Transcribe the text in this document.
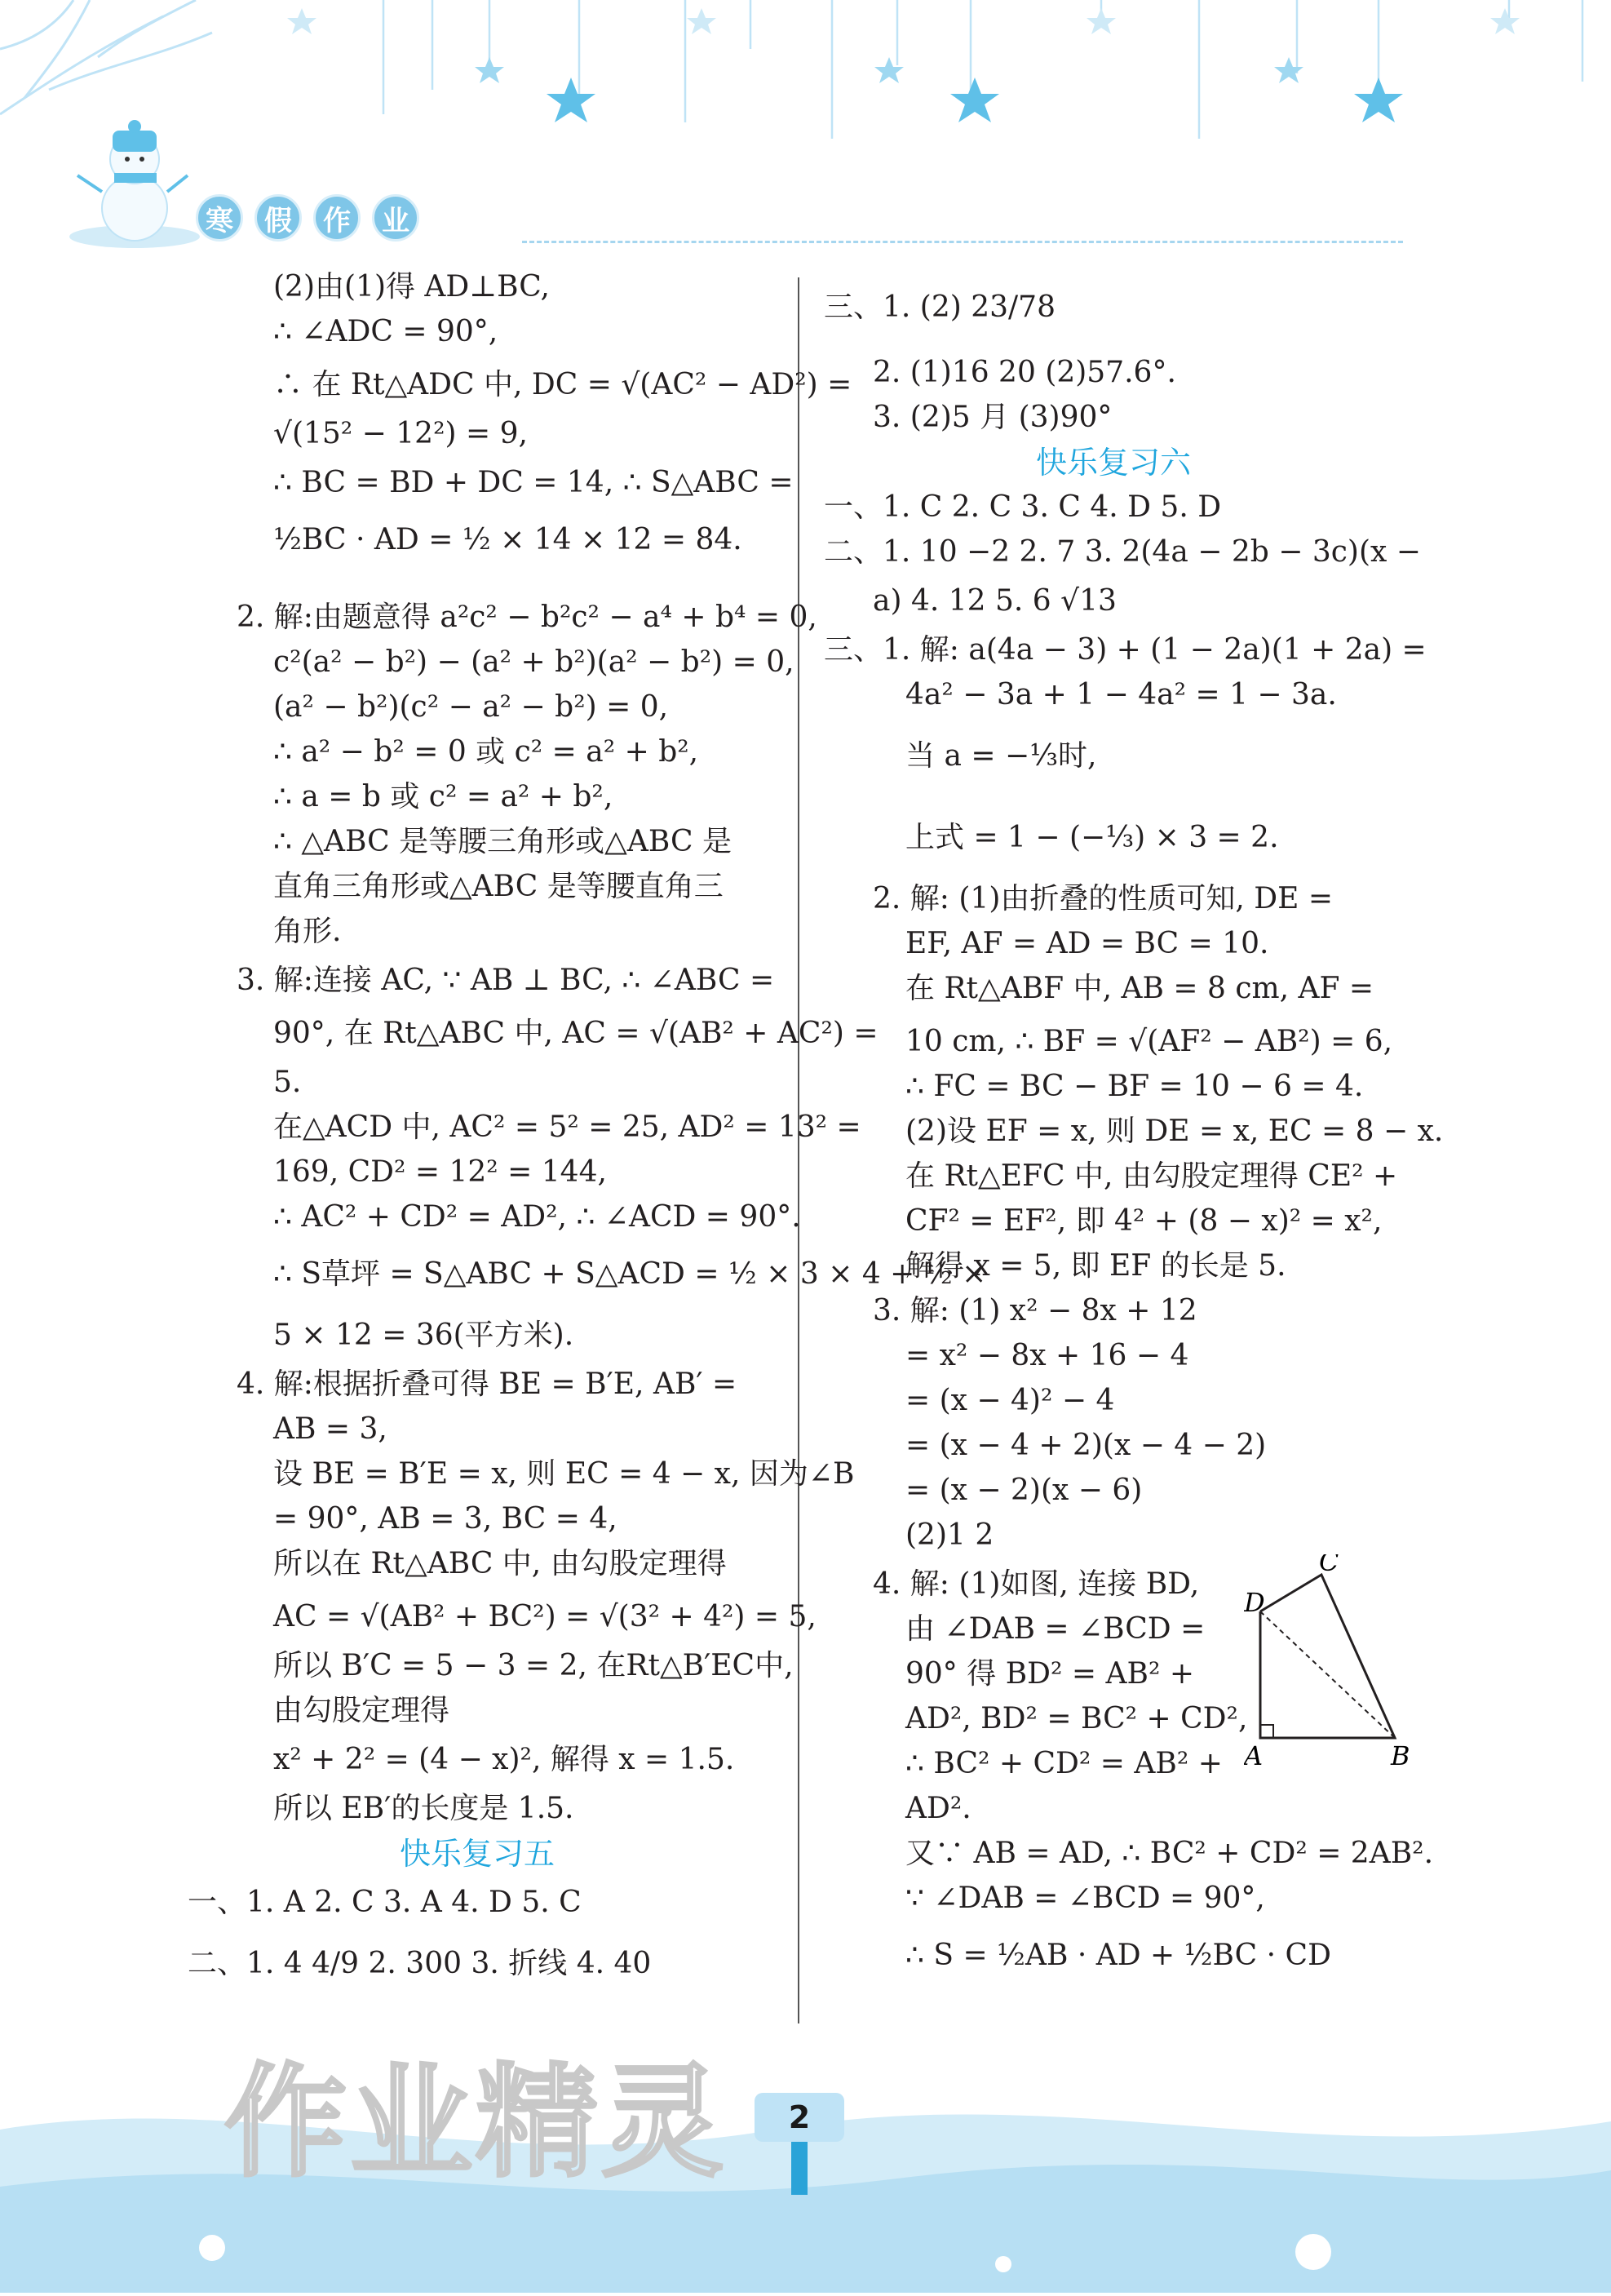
寒	假	作	业
(2)由(1)得 AD⊥BC,
∴ ∠ADC = 90°,
∴ 在 Rt△ADC 中, DC = √(AC² − AD²) =
√(15² − 12²) = 9,
∴ BC = BD + DC = 14, ∴ S△ABC =
½BC · AD = ½ × 14 × 12 = 84.
2. 解:由题意得 a²c² − b²c² − a⁴ + b⁴ = 0,
c²(a² − b²) − (a² + b²)(a² − b²) = 0,
(a² − b²)(c² − a² − b²) = 0,
∴ a² − b² = 0 或 c² = a² + b²,
∴ a = b 或 c² = a² + b²,
∴ △ABC 是等腰三角形或△ABC 是
直角三角形或△ABC 是等腰直角三
角形.
3. 解:连接 AC, ∵ AB ⊥ BC, ∴ ∠ABC =
90°, 在 Rt△ABC 中, AC = √(AB² + AC²) =
5.
在△ACD 中, AC² = 5² = 25, AD² = 13² =
169, CD² = 12² = 144,
∴ AC² + CD² = AD², ∴ ∠ACD = 90°.
∴ S草坪 = S△ABC + S△ACD = ½ × 3 × 4 + ½ ×
5 × 12 = 36(平方米).
4. 解:根据折叠可得 BE = B′E, AB′ =
AB = 3,
设 BE = B′E = x, 则 EC = 4 − x, 因为∠B
= 90°, AB = 3, BC = 4,
所以在 Rt△ABC 中, 由勾股定理得
AC = √(AB² + BC²) = √(3² + 4²) = 5,
所以 B′C = 5 − 3 = 2, 在Rt△B′EC中,
由勾股定理得
x² + 2² = (4 − x)², 解得 x = 1.5.
所以 EB′的长度是 1.5.
快乐复习五
一、1. A 2. C 3. A 4. D 5. C
二、1. 4 4/9 2. 300 3. 折线 4. 40
三、1. (2) 23/78
2. (1)16 20 (2)57.6°.
3. (2)5 月 (3)90°
快乐复习六
一、1. C 2. C 3. C 4. D 5. D
二、1. 10 −2 2. 7 3. 2(4a − 2b − 3c)(x −
a) 4. 12 5. 6 √13
三、1. 解: a(4a − 3) + (1 − 2a)(1 + 2a) =
4a² − 3a + 1 − 4a² = 1 − 3a.
当 a = −⅓时,
上式 = 1 − (−⅓) × 3 = 2.
2. 解: (1)由折叠的性质可知, DE =
EF, AF = AD = BC = 10.
在 Rt△ABF 中, AB = 8 cm, AF =
10 cm, ∴ BF = √(AF² − AB²) = 6,
∴ FC = BC − BF = 10 − 6 = 4.
(2)设 EF = x, 则 DE = x, EC = 8 − x.
在 Rt△EFC 中, 由勾股定理得 CE² +
CF² = EF², 即 4² + (8 − x)² = x²,
解得 x = 5, 即 EF 的长是 5.
3. 解: (1) x² − 8x + 12
= x² − 8x + 16 − 4
= (x − 4)² − 4
= (x − 4 + 2)(x − 4 − 2)
= (x − 2)(x − 6)
(2)1 2
4. 解: (1)如图, 连接 BD,
由 ∠DAB = ∠BCD =
90° 得 BD² = AB² +
AD², BD² = BC² + CD²,
∴ BC² + CD² = AB² +
AD².
又∵ AB = AD, ∴ BC² + CD² = 2AB².
∵ ∠DAB = ∠BCD = 90°,
∴ S = ½AB · AD + ½BC · CD
C
D
A	B
2
作业精灵
